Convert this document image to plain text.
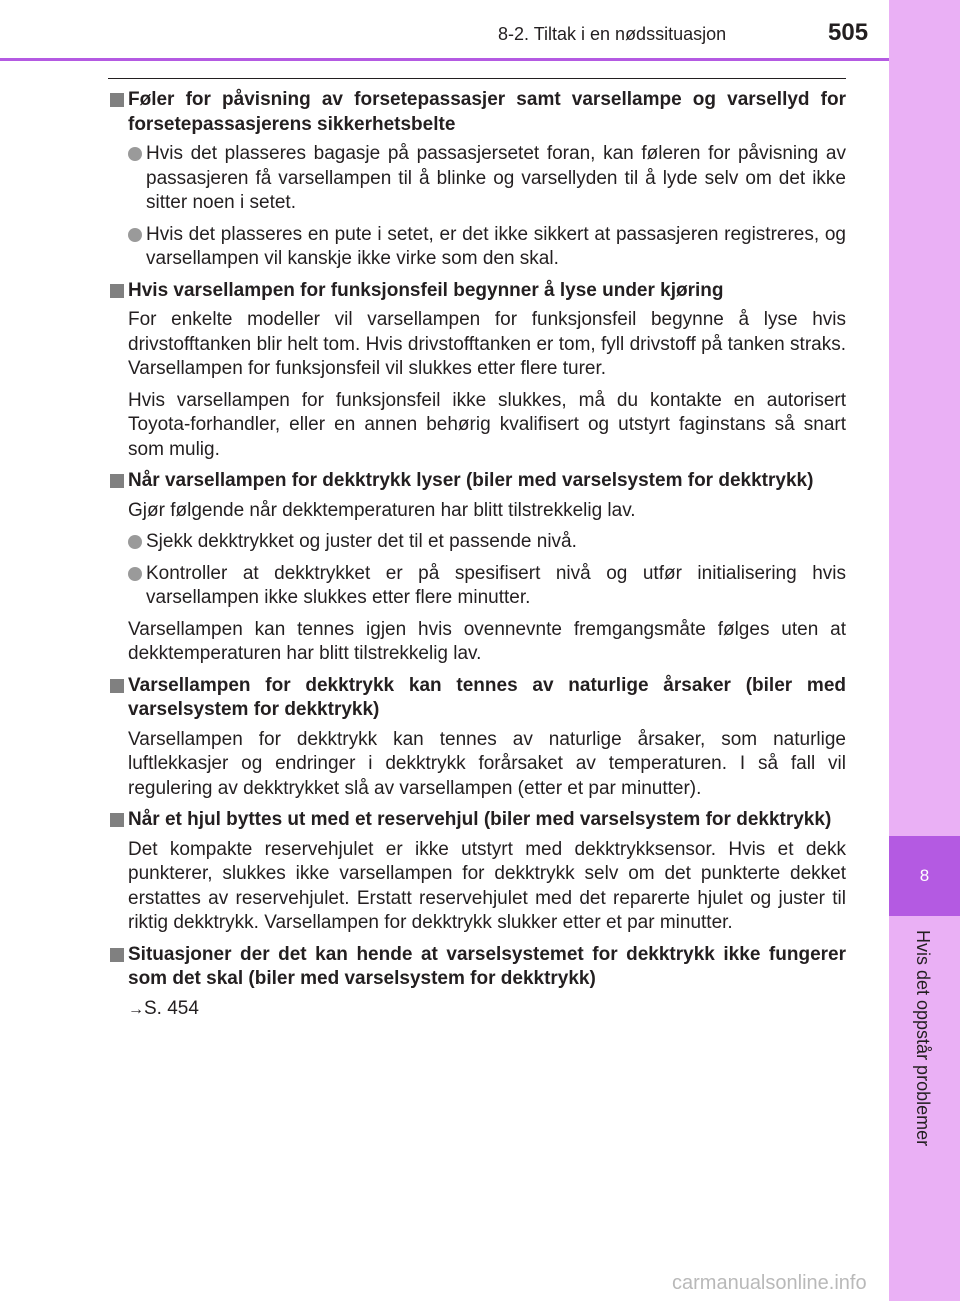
8
Hvis det oppstår problemer
8-2. Tiltak i en nødssituasjon	505
Føler for påvisning av forsetepassasjer samt varsellampe og varsellyd for forsetepassasjerens sikkerhetsbelte
Hvis det plasseres bagasje på passasjersetet foran, kan føleren for påvisning av passasjeren få varsellampen til å blinke og varsellyden til å lyde selv om det ikke sitter noen i setet.
Hvis det plasseres en pute i setet, er det ikke sikkert at passasjeren registreres, og varsellampen vil kanskje ikke virke som den skal.
Hvis varsellampen for funksjonsfeil begynner å lyse under kjøring
For enkelte modeller vil varsellampen for funksjonsfeil begynne å lyse hvis drivstofftanken blir helt tom. Hvis drivstofftanken er tom, fyll drivstoff på tanken straks. Varsellampen for funksjonsfeil vil slukkes etter flere turer.
Hvis varsellampen for funksjonsfeil ikke slukkes, må du kontakte en autorisert Toyota-forhandler, eller en annen behørig kvalifisert og utstyrt faginstans så snart som mulig.
Når varsellampen for dekktrykk lyser (biler med varselsystem for dekktrykk)
Gjør følgende når dekktemperaturen har blitt tilstrekkelig lav.
Sjekk dekktrykket og juster det til et passende nivå.
Kontroller at dekktrykket er på spesifisert nivå og utfør initialisering hvis varsellampen ikke slukkes etter flere minutter.
Varsellampen kan tennes igjen hvis ovennevnte fremgangsmåte følges uten at dekktemperaturen har blitt tilstrekkelig lav.
Varsellampen for dekktrykk kan tennes av naturlige årsaker (biler med varselsystem for dekktrykk)
Varsellampen for dekktrykk kan tennes av naturlige årsaker, som naturlige luftlekkasjer og endringer i dekktrykk forårsaket av temperaturen. I så fall vil regulering av dekktrykket slå av varsellampen (etter et par minutter).
Når et hjul byttes ut med et reservehjul (biler med varselsystem for dekktrykk)
Det kompakte reservehjulet er ikke utstyrt med dekktrykksensor. Hvis et dekk punkterer, slukkes ikke varsellampen for dekktrykk selv om det punkterte dekket erstattes av reservehjulet. Erstatt reservehjulet med det reparerte hjulet og juster til riktig dekktrykk. Varsellampen for dekktrykk slukker etter et par minutter.
Situasjoner der det kan hende at varselsystemet for dekktrykk ikke fungerer som det skal (biler med varselsystem for dekktrykk)
→S. 454
carmanualsonline.info
